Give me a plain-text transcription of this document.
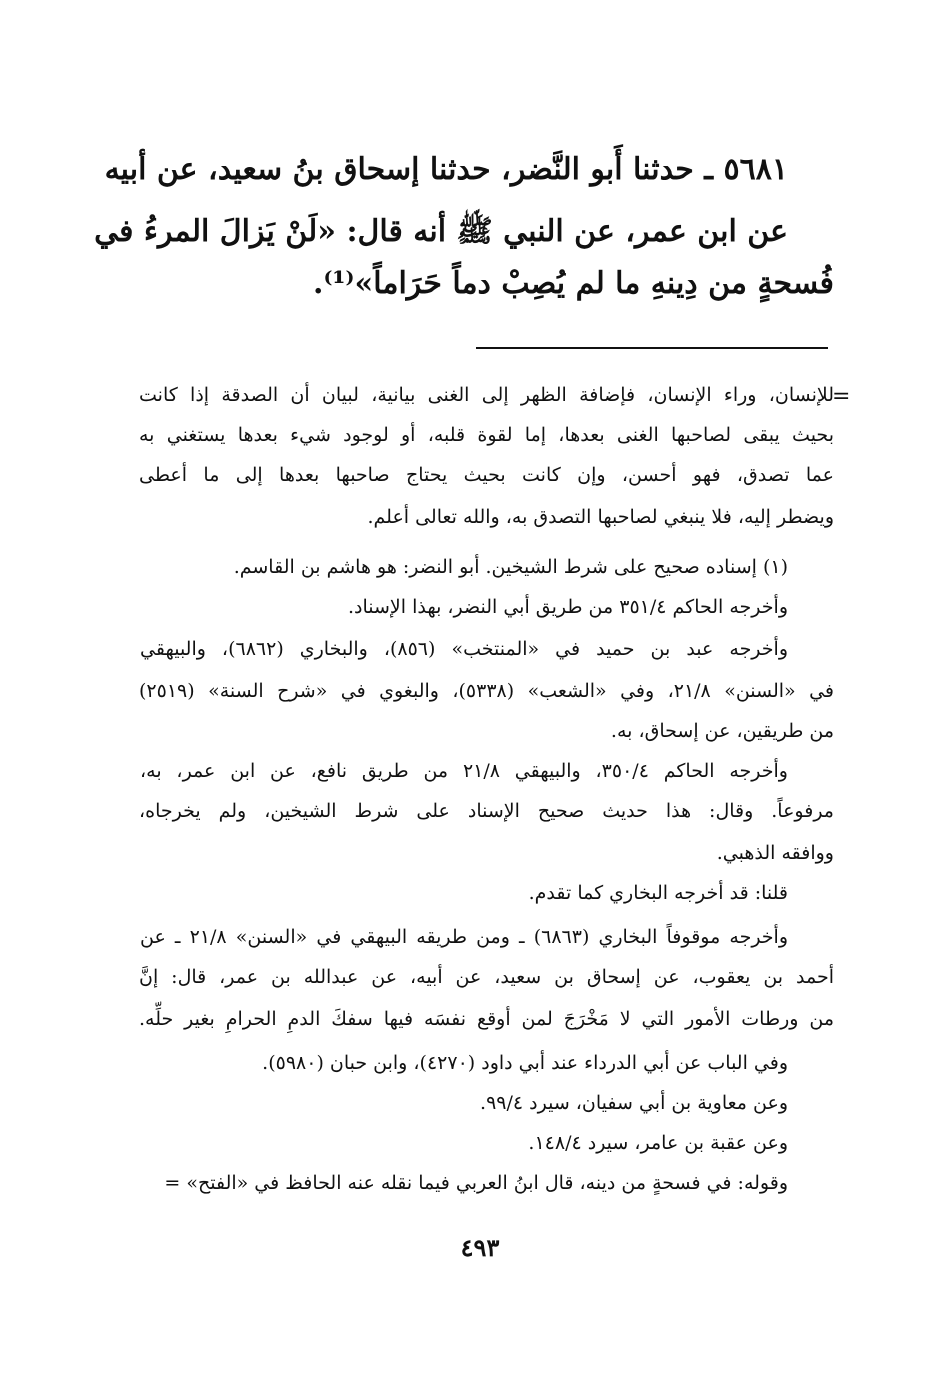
٥٦٨١ ـ حدثنا أَبو النَّضر، حدثنا إسحاق بنُ سعيد، عن أبيه
عن ابن عمر، عن النبي ﷺ أنه قال: «لَنْ يَزالَ المرءُ في
فُسحةٍ من دِينهِ ما لم يُصِبْ دماً حَرَاماً»⁽¹⁾.
=
للإنسان، وراء الإنسان، فإضافة الظهر إلى الغنى بيانية، لبيان أن الصدقة إذا كانت
بحيث يبقى لصاحبها الغنى بعدها، إما لقوة قلبه، أو لوجود شيء بعدها يستغني به
عما تصدق، فهو أحسن، وإن كانت بحيث يحتاج صاحبها بعدها إلى ما أعطى
ويضطر إليه، فلا ينبغي لصاحبها التصدق به، والله تعالى أعلم.
(١) إسناده صحيح على شرط الشيخين. أبو النضر: هو هاشم بن القاسم.
وأخرجه الحاكم ٣٥١/٤ من طريق أبي النضر، بهذا الإسناد.
وأخرجه عبد بن حميد في «المنتخب» (٨٥٦)، والبخاري (٦٨٦٢)، والبيهقي
في «السنن» ٢١/٨، وفي «الشعب» (٥٣٣٨)، والبغوي في «شرح السنة» (٢٥١٩)
من طريقين، عن إسحاق، به.
وأخرجه الحاكم ٣٥٠/٤، والبيهقي ٢١/٨ من طريق نافع، عن ابن عمر، به،
مرفوعاً. وقال: هذا حديث صحيح الإسناد على شرط الشيخين، ولم يخرجاه،
ووافقه الذهبي.
قلنا: قد أخرجه البخاري كما تقدم.
وأخرجه موقوفاً البخاري (٦٨٦٣) ـ ومن طريقه البيهقي في «السنن» ٢١/٨ ـ عن
أحمد بن يعقوب، عن إسحاق بن سعيد، عن أبيه، عن عبدالله بن عمر، قال: إنَّ
من ورطات الأمور التي لا مَخْرَجَ لمن أوقع نفسَه فيها سفكَ الدمِ الحرامِ بغير حلِّه.
وفي الباب عن أبي الدرداء عند أبي داود (٤٢٧٠)، وابن حبان (٥٩٨٠).
وعن معاوية بن أبي سفيان، سيرد ٩٩/٤.
وعن عقبة بن عامر، سيرد ١٤٨/٤.
وقوله: في فسحةٍ من دينه، قال ابنُ العربي فيما نقله عنه الحافظ في «الفتح» =
٤٩٣
